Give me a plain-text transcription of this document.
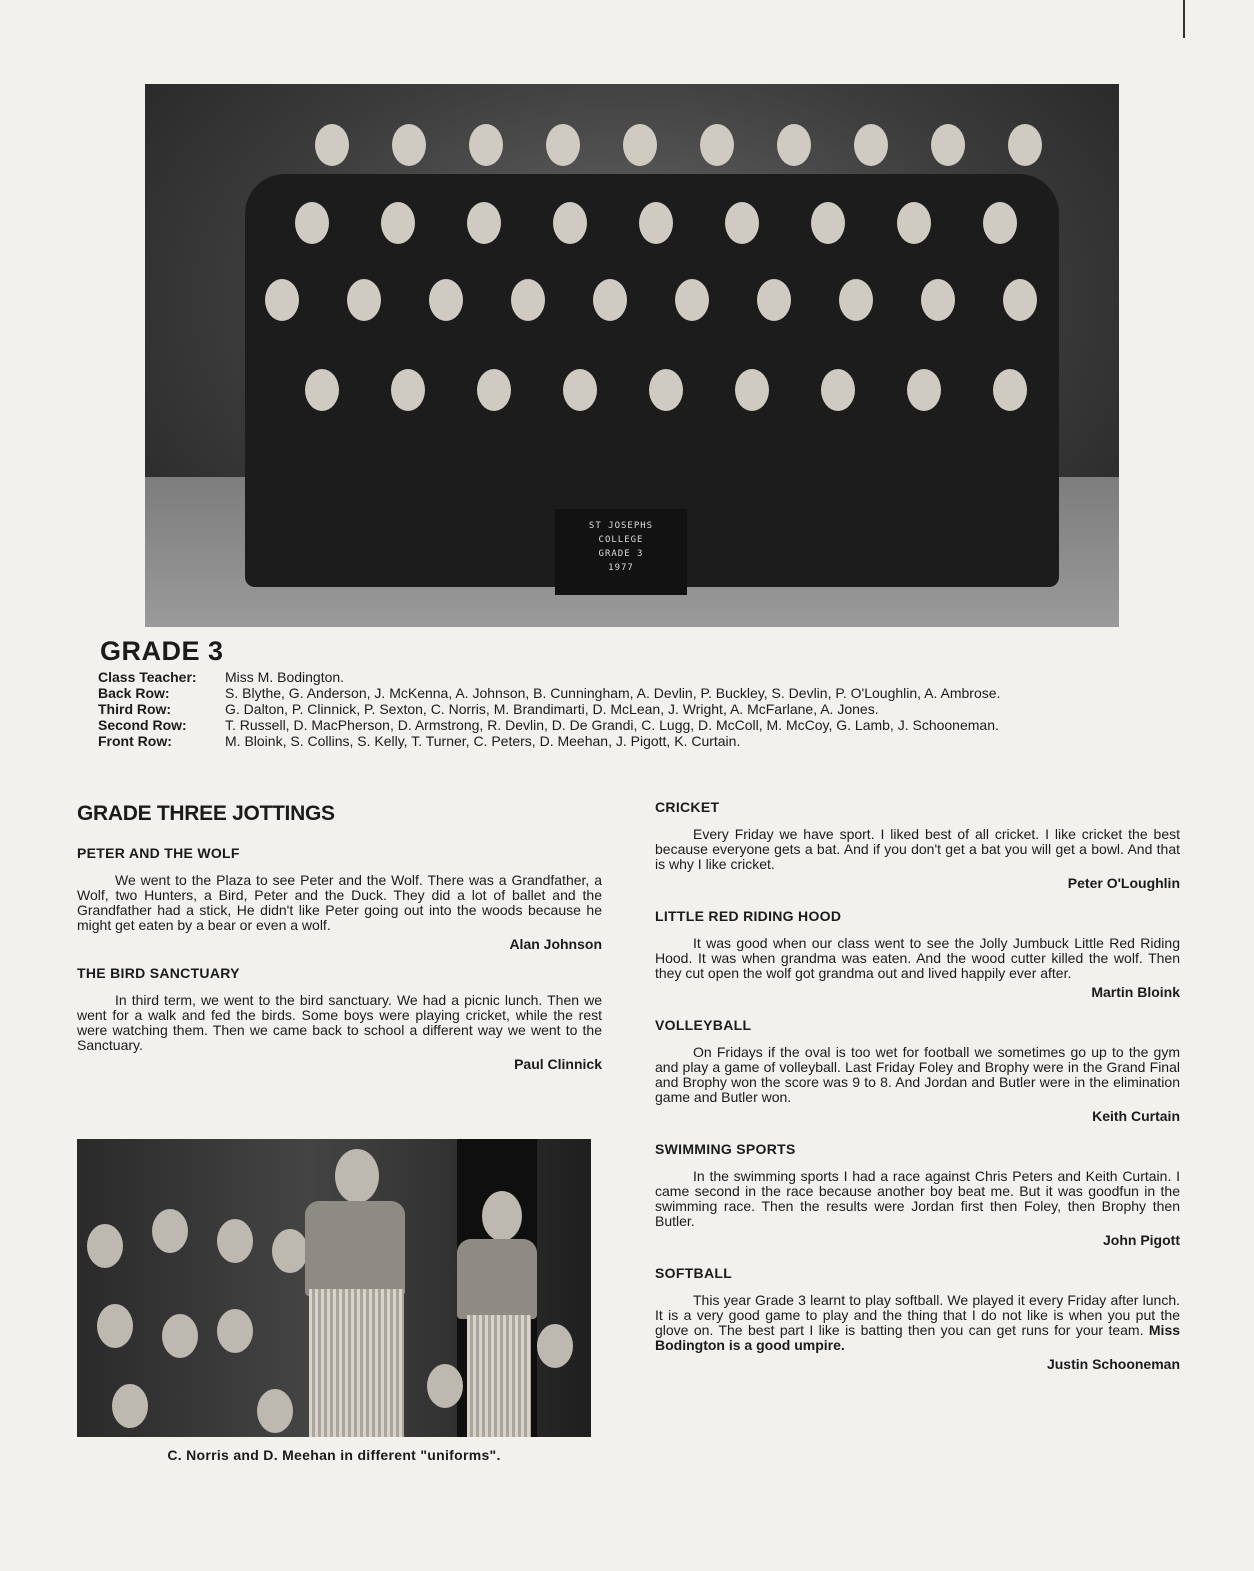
ST JOSEPHS
COLLEGE
GRADE 3
1977
GRADE 3
Class Teacher:	Miss M. Bodington.
Back Row:	S. Blythe, G. Anderson, J. McKenna, A. Johnson, B. Cunningham, A. Devlin, P. Buckley, S. Devlin, P. O'Loughlin, A. Ambrose.
Third Row:	G. Dalton, P. Clinnick, P. Sexton, C. Norris, M. Brandimarti, D. McLean, J. Wright, A. McFarlane, A. Jones.
Second Row:	T. Russell, D. MacPherson, D. Armstrong, R. Devlin, D. De Grandi, C. Lugg, D. McColl, M. McCoy, G. Lamb, J. Schooneman.
Front Row:	M. Bloink, S. Collins, S. Kelly, T. Turner, C. Peters, D. Meehan, J. Pigott, K. Curtain.
GRADE THREE JOTTINGS
PETER AND THE WOLF

We went to the Plaza to see Peter and the Wolf. There was a Grandfather, a Wolf, two Hunters, a Bird, Peter and the Duck. They did a lot of ballet and the Grandfather had a stick, He didn't like Peter going out into the woods because he might get eaten by a bear or even a wolf.

Alan Johnson
THE BIRD SANCTUARY

In third term, we went to the bird sanctuary. We had a picnic lunch. Then we went for a walk and fed the birds. Some boys were playing cricket, while the rest were watching them. Then we came back to school a different way we went to the Sanctuary.

Paul Clinnick
C. Norris and D. Meehan in different "uniforms".
CRICKET

Every Friday we have sport. I liked best of all cricket. I like cricket the best because everyone gets a bat. And if you don't get a bat you will get a bowl. And that is why I like cricket.

Peter O'Loughlin
LITTLE RED RIDING HOOD

It was good when our class went to see the Jolly Jumbuck Little Red Riding Hood. It was when grandma was eaten. And the wood cutter killed the wolf. Then they cut open the wolf got grandma out and lived happily ever after.

Martin Bloink
VOLLEYBALL

On Fridays if the oval is too wet for football we sometimes go up to the gym and play a game of volleyball. Last Friday Foley and Brophy were in the Grand Final and Brophy won the score was 9 to 8. And Jordan and Butler were in the elimination game and Butler won.

Keith Curtain
SWIMMING SPORTS

In the swimming sports I had a race against Chris Peters and Keith Curtain. I came second in the race because another boy beat me. But it was goodfun in the swimming race. Then the results were Jordan first then Foley, then Brophy then Butler.

John Pigott
SOFTBALL

This year Grade 3 learnt to play softball. We played it every Friday after lunch. It is a very good game to play and the thing that I do not like is when you put the glove on. The best part I like is batting then you can get runs for your team. Miss Bodington is a good umpire.

Justin Schooneman
